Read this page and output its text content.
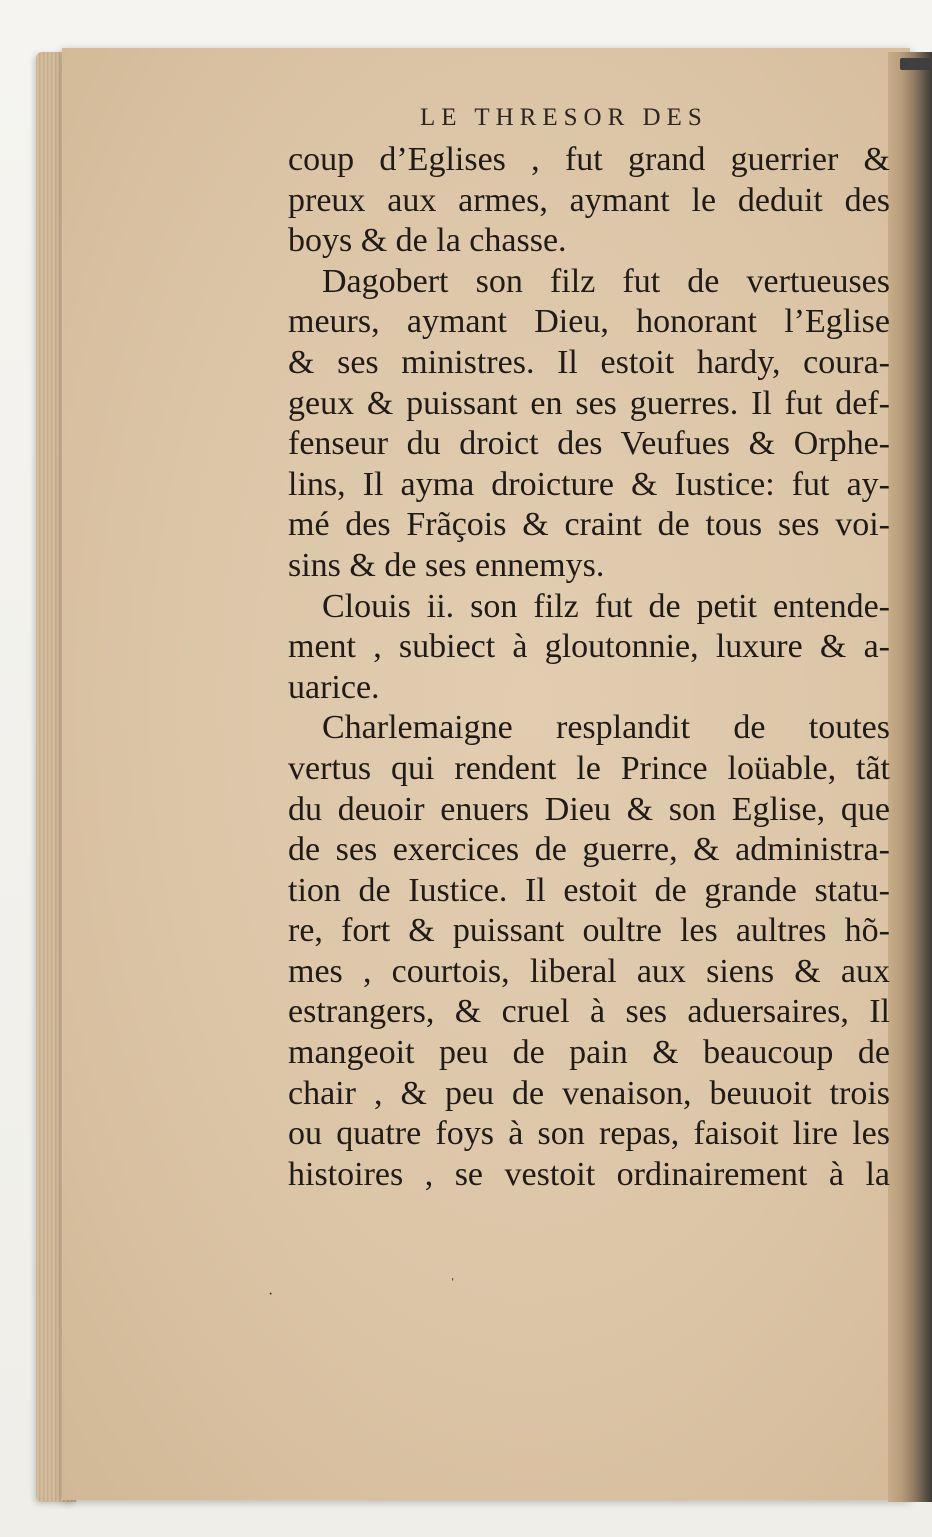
LE THRESOR DES
coup d’Eglises , fut grand guerrier &
preux aux armes, aymant le deduit des
boys & de la chasse.
Dagobert son filz fut de vertueuses
meurs, aymant Dieu, honorant l’Eglise
& ses ministres. Il estoit hardy, coura-
geux & puissant en ses guerres. Il fut def-
fenseur du droict des Veufues & Orphe-
lins, Il ayma droicture & Iustice: fut ay-
mé des Frãçois & craint de tous ses voi-
sins & de ses ennemys.
Clouis ii. son filz fut de petit entende-
ment , subiect à gloutonnie, luxure & a-
uarice.
Charlemaigne resplandit de toutes
vertus qui rendent le Prince loüable, tãt
du deuoir enuers Dieu & son Eglise, que
de ses exercices de guerre, & administra-
tion de Iustice. Il estoit de grande statu-
re, fort & puissant oultre les aultres hõ-
mes , courtois, liberal aux siens & aux
estrangers, & cruel à ses aduersaires, Il
mangeoit peu de pain & beaucoup de
chair , & peu de venaison, beuuoit trois
ou quatre foys à son repas, faisoit lire les
histoires , se vestoit ordinairement à la
ˌ
·
